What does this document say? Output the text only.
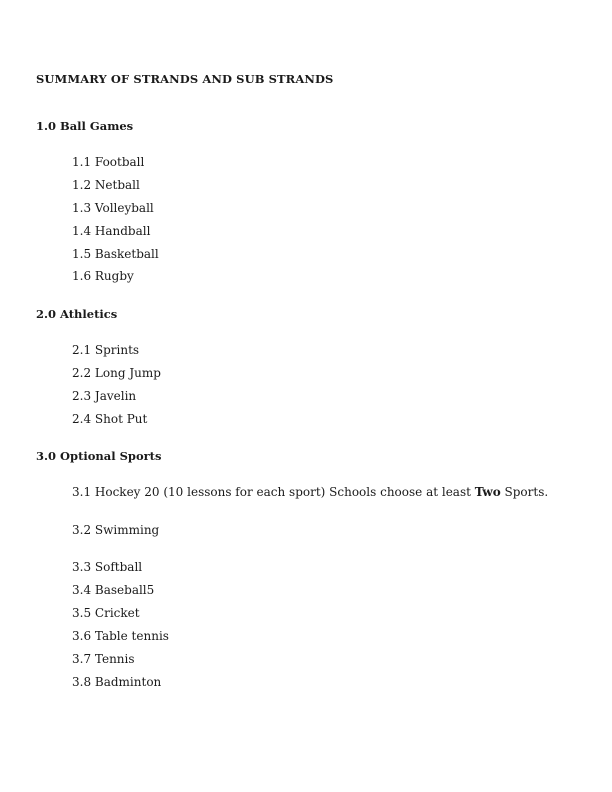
SUMMARY OF STRANDS AND SUB STRANDS
1.0 Ball Games
1.1 Football
1.2 Netball
1.3 Volleyball
1.4 Handball
1.5 Basketball
1.6 Rugby
2.0 Athletics
2.1 Sprints
2.2 Long Jump
2.3 Javelin
2.4 Shot Put
3.0 Optional Sports
3.1 Hockey 20 (10 lessons for each sport) Schools choose at least Two Sports.
3.2 Swimming
3.3 Softball
3.4 Baseball5
3.5 Cricket
3.6 Table tennis
3.7 Tennis
3.8 Badminton
